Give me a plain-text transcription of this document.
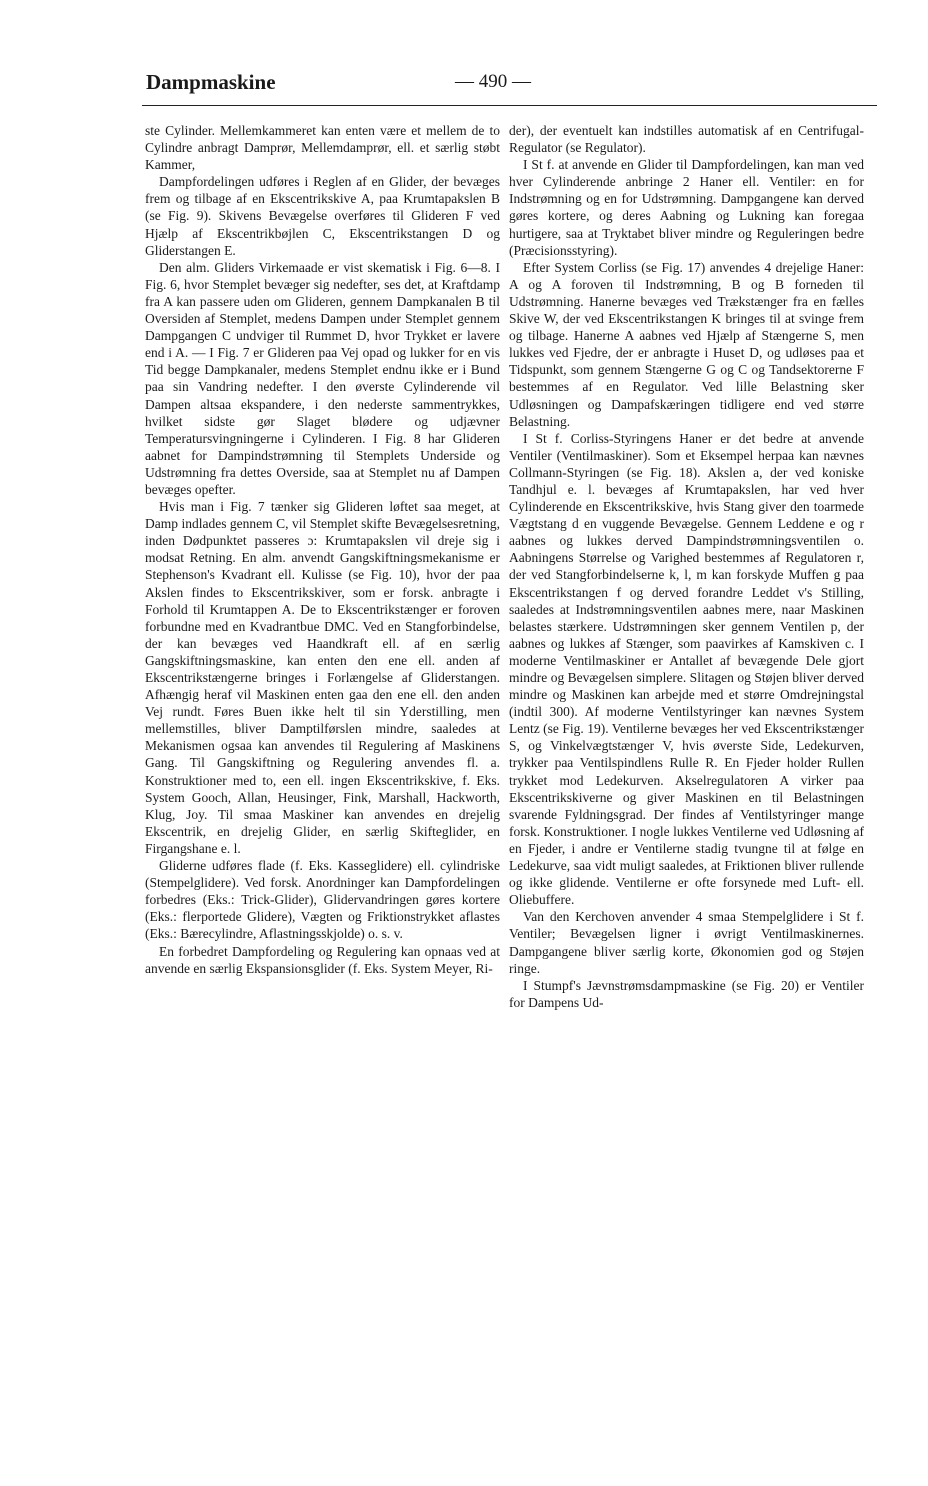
Dampmaskine	— 490 —

ste Cylinder. Mellemkammeret kan enten være et mellem de to Cylindre anbragt Damprør, Mellemdamprør, ell. et særlig støbt Kammer,

Dampfordelingen udføres i Reglen af en Glider, der bevæges frem og tilbage af en Ekscentrikskive A, paa Krumtapakslen B (se Fig. 9). Skivens Bevægelse overføres til Glideren F ved Hjælp af Ekscentrikbøjlen C, Ekscentrikstangen D og Gliderstangen E.

Den alm. Gliders Virkemaade er vist skematisk i Fig. 6—8. I Fig. 6, hvor Stemplet bevæger sig nedefter, ses det, at Kraftdamp fra A kan passere uden om Glideren, gennem Dampkanalen B til Oversiden af Stemplet, medens Dampen under Stemplet gennem Dampgangen C undviger til Rummet D, hvor Trykket er lavere end i A. — I Fig. 7 er Glideren paa Vej opad og lukker for en vis Tid begge Dampkanaler, medens Stemplet endnu ikke er i Bund paa sin Vandring nedefter. I den øverste Cylinderende vil Dampen altsaa ekspandere, i den nederste sammentrykkes, hvilket sidste gør Slaget blødere og udjævner Temperatursvingningerne i Cylinderen. I Fig. 8 har Glideren aabnet for Dampindstrømning til Stemplets Underside og Udstrømning fra dettes Overside, saa at Stemplet nu af Dampen bevæges opefter.

Hvis man i Fig. 7 tænker sig Glideren løftet saa meget, at Damp indlades gennem C, vil Stemplet skifte Bevægelsesretning, inden Dødpunktet passeres ɔ: Krumtapakslen vil dreje sig i modsat Retning. En alm. anvendt Gangskiftningsmekanisme er Stephenson's Kvadrant ell. Kulisse (se Fig. 10), hvor der paa Akslen findes to Ekscentrikskiver, som er forsk. anbragte i Forhold til Krumtappen A. De to Ekscentrikstænger er foroven forbundne med en Kvadrantbue DMC. Ved en Stangforbindelse, der kan bevæges ved Haandkraft ell. af en særlig Gangskiftningsmaskine, kan enten den ene ell. anden af Ekscentrikstængerne bringes i Forlængelse af Gliderstangen. Afhængig heraf vil Maskinen enten gaa den ene ell. den anden Vej rundt. Føres Buen ikke helt til sin Yderstilling, men mellemstilles, bliver Damptilførslen mindre, saaledes at Mekanismen ogsaa kan anvendes til Regulering af Maskinens Gang. Til Gangskiftning og Regulering anvendes fl. a. Konstruktioner med to, een ell. ingen Ekscentrikskive, f. Eks. System Gooch, Allan, Heusinger, Fink, Marshall, Hackworth, Klug, Joy. Til smaa Maskiner kan anvendes en drejelig Ekscentrik, en drejelig Glider, en særlig Skifteglider, en Firgangshane e. l.

Gliderne udføres flade (f. Eks. Kasseglidere) ell. cylindriske (Stempelglidere). Ved forsk. Anordninger kan Dampfordelingen forbedres (Eks.: Trick-Glider), Glidervandringen gøres kortere (Eks.: flerportede Glidere), Vægten og Friktionstrykket aflastes (Eks.: Bærecylindre, Aflastningsskjolde) o. s. v.

En forbedret Dampfordeling og Regulering kan opnaas ved at anvende en særlig Ekspansionsglider (f. Eks. System Meyer, Ri-

der), der eventuelt kan indstilles automatisk af en Centrifugal-Regulator (se Regulator).

I St f. at anvende en Glider til Dampfordelingen, kan man ved hver Cylinderende anbringe 2 Haner ell. Ventiler: en for Indstrømning og en for Udstrømning. Dampgangene kan derved gøres kortere, og deres Aabning og Lukning kan foregaa hurtigere, saa at Tryktabet bliver mindre og Reguleringen bedre (Præcisionsstyring).

Efter System Corliss (se Fig. 17) anvendes 4 drejelige Haner: A og A foroven til Indstrømning, B og B forneden til Udstrømning. Hanerne bevæges ved Trækstænger fra en fælles Skive W, der ved Ekscentrikstangen K bringes til at svinge frem og tilbage. Hanerne A aabnes ved Hjælp af Stængerne S, men lukkes ved Fjedre, der er anbragte i Huset D, og udløses paa et Tidspunkt, som gennem Stængerne G og C og Tandsektorerne F bestemmes af en Regulator. Ved lille Belastning sker Udløsningen og Dampafskæringen tidligere end ved større Belastning.

I St f. Corliss-Styringens Haner er det bedre at anvende Ventiler (Ventilmaskiner). Som et Eksempel herpaa kan nævnes Collmann-Styringen (se Fig. 18). Akslen a, der ved koniske Tandhjul e. l. bevæges af Krumtapakslen, har ved hver Cylinderende en Ekscentrikskive, hvis Stang giver den toarmede Vægtstang d en vuggende Bevægelse. Gennem Leddene e og r aabnes og lukkes derved Dampindstrømningsventilen o. Aabningens Størrelse og Varighed bestemmes af Regulatoren r, der ved Stangforbindelserne k, l, m kan forskyde Muffen g paa Ekscentrikstangen f og derved forandre Leddet v's Stilling, saaledes at Indstrømningsventilen aabnes mere, naar Maskinen belastes stærkere. Udstrømningen sker gennem Ventilen p, der aabnes og lukkes af Stænger, som paavirkes af Kamskiven c. I moderne Ventilmaskiner er Antallet af bevægende Dele gjort mindre og Bevægelsen simplere. Slitagen og Støjen bliver derved mindre og Maskinen kan arbejde med et større Omdrejningstal (indtil 300). Af moderne Ventilstyringer kan nævnes System Lentz (se Fig. 19). Ventilerne bevæges her ved Ekscentrikstænger S, og Vinkelvægtstænger V, hvis øverste Side, Ledekurven, trykker paa Ventilspindlens Rulle R. En Fjeder holder Rullen trykket mod Ledekurven. Akselregulatoren A virker paa Ekscentrikskiverne og giver Maskinen en til Belastningen svarende Fyldningsgrad. Der findes af Ventilstyringer mange forsk. Konstruktioner. I nogle lukkes Ventilerne ved Udløsning af en Fjeder, i andre er Ventilerne stadig tvungne til at følge en Ledekurve, saa vidt muligt saaledes, at Friktionen bliver rullende og ikke glidende. Ventilerne er ofte forsynede med Luft- ell. Oliebuffere.

Van den Kerchoven anvender 4 smaa Stempelglidere i St f. Ventiler; Bevægelsen ligner i øvrigt Ventilmaskinernes. Dampgangene bliver særlig korte, Økonomien god og Støjen ringe.

I Stumpf's Jævnstrømsdampmaskine (se Fig. 20) er Ventiler for Dampens Ud-
